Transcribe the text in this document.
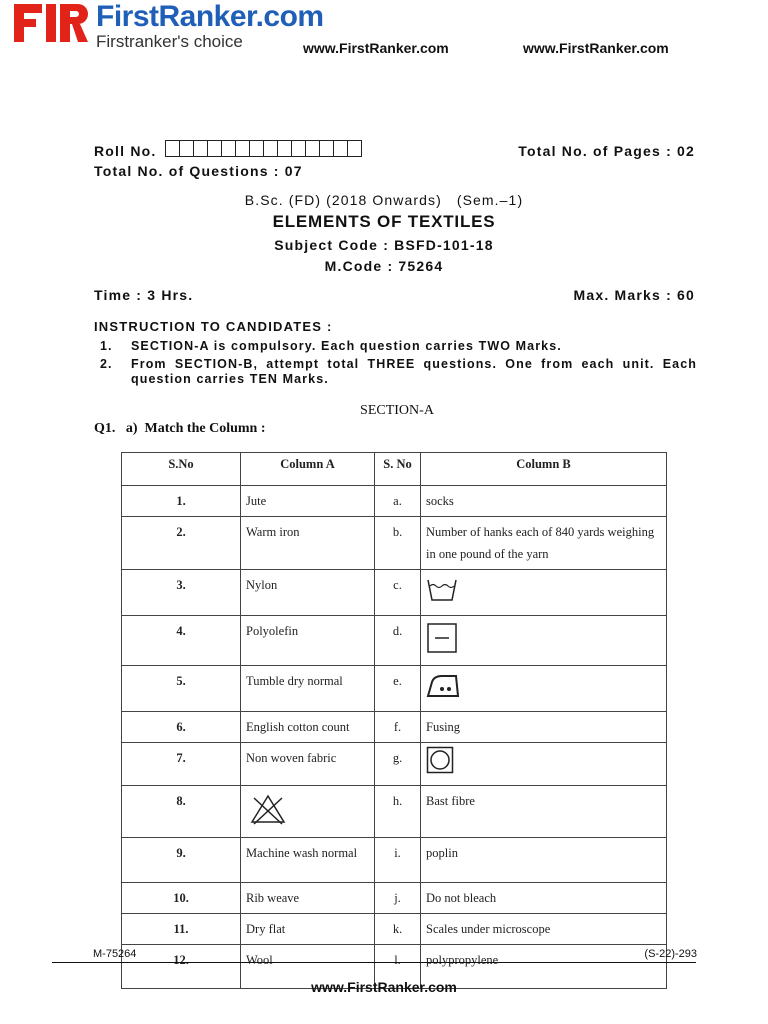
FirstRanker.com
Firstranker's choice	www.FirstRanker.com	www.FirstRanker.com
Roll No.	Total No. of Pages : 02
Total No. of Questions : 07
B.Sc. (FD) (2018 Onwards)   (Sem.–1)
ELEMENTS OF TEXTILES
Subject Code : BSFD-101-18
M.Code : 75264
Time : 3 Hrs.	Max. Marks : 60
INSTRUCTION TO CANDIDATES :
1.	SECTION-A is compulsory. Each question carries TWO Marks.
2.	From SECTION-B, attempt total THREE questions. One from each unit. Each question carries TEN Marks.
SECTION-A
Q1.   a)  Match the Column :
S.No	Column A	S. No	Column B
1.	Jute	a.	socks
2.	Warm iron	b.	Number of hanks each of 840 yards weighing in one pound of the yarn
3.	Nylon	c.	
4.	Polyolefin	d.	
5.	Tumble dry normal	e.	
6.	English cotton count	f.	Fusing
7.	Non woven fabric	g.	
8.		h.	Bast fibre
9.	Machine wash normal	i.	poplin
10.	Rib weave	j.	Do not bleach
11.	Dry flat	k.	Scales under microscope
12.	Wool	l.	polypropylene
M-75264	(S-22)-293
www.FirstRanker.com
